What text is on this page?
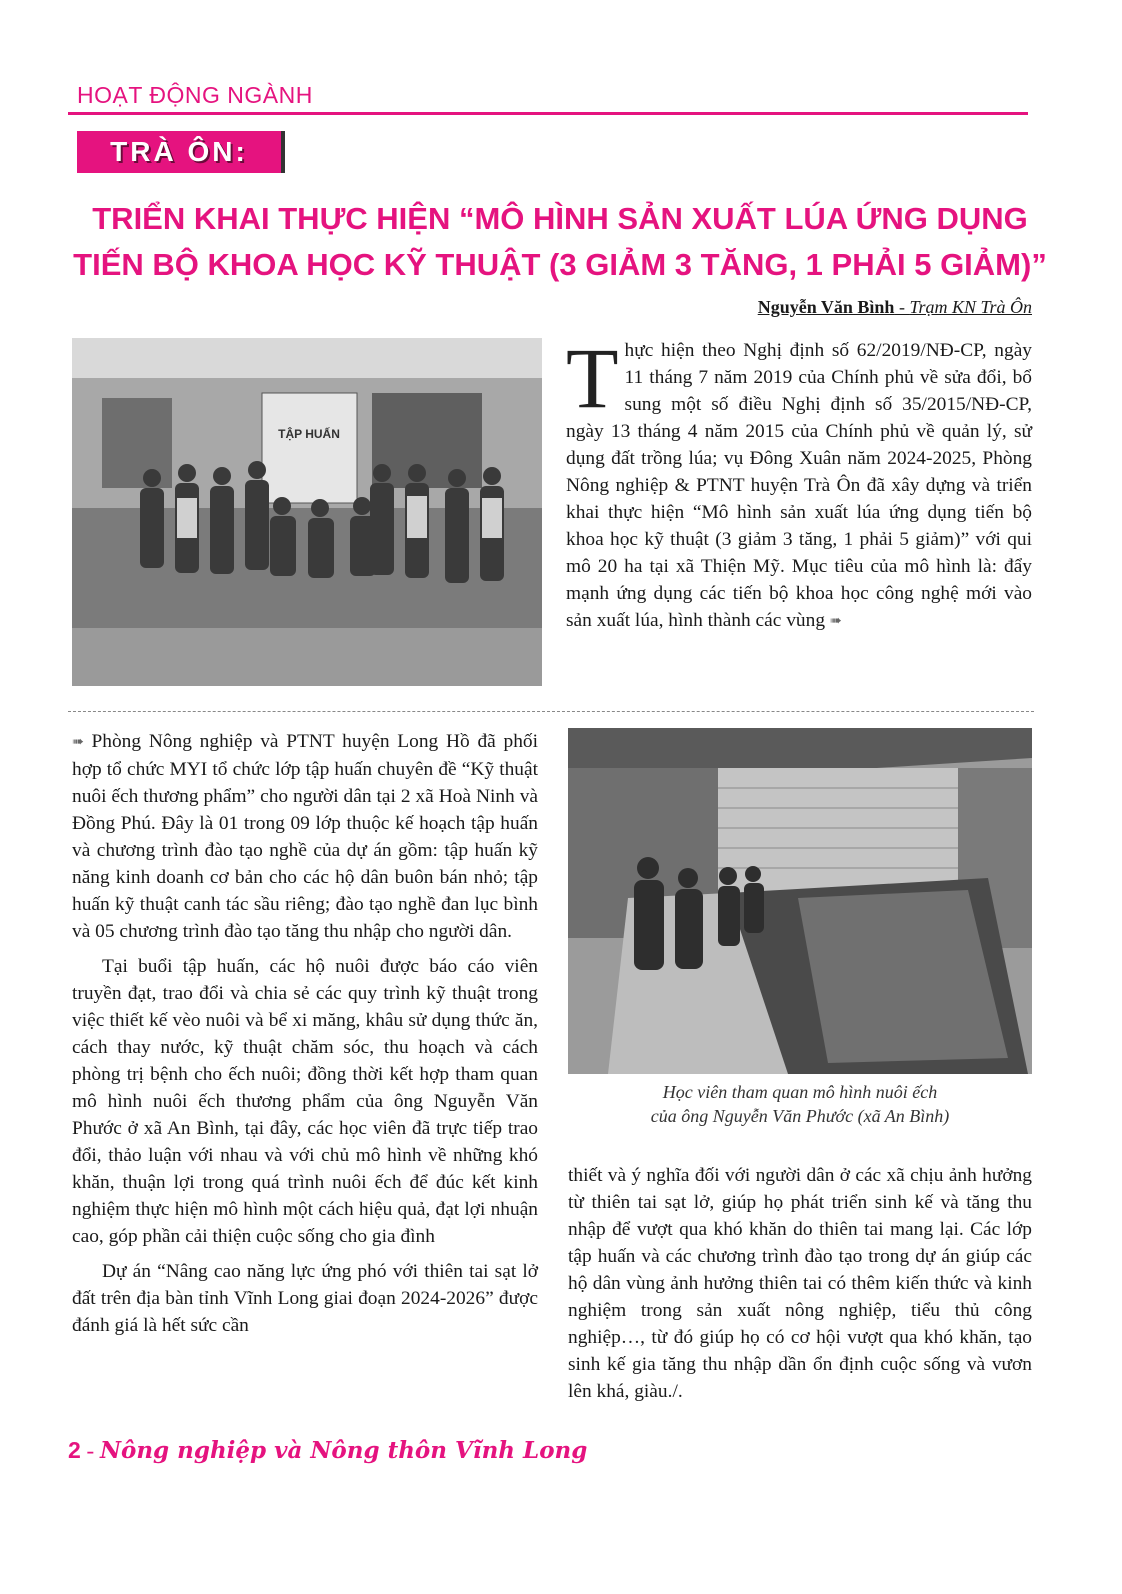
HOẠT ĐỘNG NGÀNH
TRÀ ÔN:
TRIỂN KHAI THỰC HIỆN “MÔ HÌNH SẢN XUẤT LÚA ỨNG DỤNG
TIẾN BỘ KHOA HỌC KỸ THUẬT (3 GIẢM 3 TĂNG, 1 PHẢI 5 GIẢM)”
Nguyễn Văn Bình - Trạm KN Trà Ôn
TẬP HUẤN

Thực hiện theo Nghị định số 62/2019/NĐ-CP, ngày 11 tháng 7 năm 2019 của Chính phủ về sửa đổi, bổ sung một số điều Nghị định số 35/2015/NĐ-CP, ngày 13 tháng 4 năm 2015 của Chính phủ về quản lý, sử dụng đất trồng lúa; vụ Đông Xuân năm 2024-2025, Phòng Nông nghiệp & PTNT huyện Trà Ôn đã xây dựng và triển khai thực hiện “Mô hình sản xuất lúa ứng dụng tiến bộ khoa học kỹ thuật (3 giảm 3 tăng, 1 phải 5 giảm)” với qui mô 20 ha tại xã Thiện Mỹ. Mục tiêu của mô hình là: đẩy mạnh ứng dụng các tiến bộ khoa học công nghệ mới vào sản xuất lúa, hình thành các vùng ➠

➠ Phòng Nông nghiệp và PTNT huyện Long Hồ đã phối hợp tổ chức MYI tổ chức lớp tập huấn chuyên đề “Kỹ thuật nuôi ếch thương phẩm” cho người dân tại 2 xã Hoà Ninh và Đồng Phú. Đây là 01 trong 09 lớp thuộc kế hoạch tập huấn và chương trình đào tạo nghề của dự án gồm: tập huấn kỹ năng kinh doanh cơ bản cho các hộ dân buôn bán nhỏ; tập huấn kỹ thuật canh tác sầu riêng; đào tạo nghề đan lục bình và 05 chương trình đào tạo tăng thu nhập cho người dân.

Tại buổi tập huấn, các hộ nuôi được báo cáo viên truyền đạt, trao đổi và chia sẻ các quy trình kỹ thuật trong việc thiết kế vèo nuôi và bể xi măng, khâu sử dụng thức ăn, cách thay nước, kỹ thuật chăm sóc, thu hoạch và cách phòng trị bệnh cho ếch nuôi; đồng thời kết hợp tham quan mô hình nuôi ếch thương phẩm của ông Nguyễn Văn Phước ở xã An Bình, tại đây, các học viên đã trực tiếp trao đổi, thảo luận với nhau và với chủ mô hình về những khó khăn, thuận lợi trong quá trình nuôi ếch để đúc kết kinh nghiệm thực hiện mô hình một cách hiệu quả, đạt lợi nhuận cao, góp phần cải thiện cuộc sống cho gia đình

Dự án “Nâng cao năng lực ứng phó với thiên tai sạt lở đất trên địa bàn tỉnh Vĩnh Long giai đoạn 2024-2026” được đánh giá là hết sức cần

Học viên tham quan mô hình nuôi ếch
của ông Nguyễn Văn Phước (xã An Bình)

thiết và ý nghĩa đối với người dân ở các xã chịu ảnh hưởng từ thiên tai sạt lở, giúp họ phát triển sinh kế và tăng thu nhập để vượt qua khó khăn do thiên tai mang lại. Các lớp tập huấn và các chương trình đào tạo trong dự án giúp các hộ dân vùng ảnh hưởng thiên tai có thêm kiến thức và kinh nghiệm trong sản xuất nông nghiệp, tiểu thủ công nghiệp…, từ đó giúp họ có cơ hội vượt qua khó khăn, tạo sinh kế gia tăng thu nhập dần ổn định cuộc sống và vươn lên khá, giàu./.

2 - Nông nghiệp và Nông thôn Vĩnh Long
